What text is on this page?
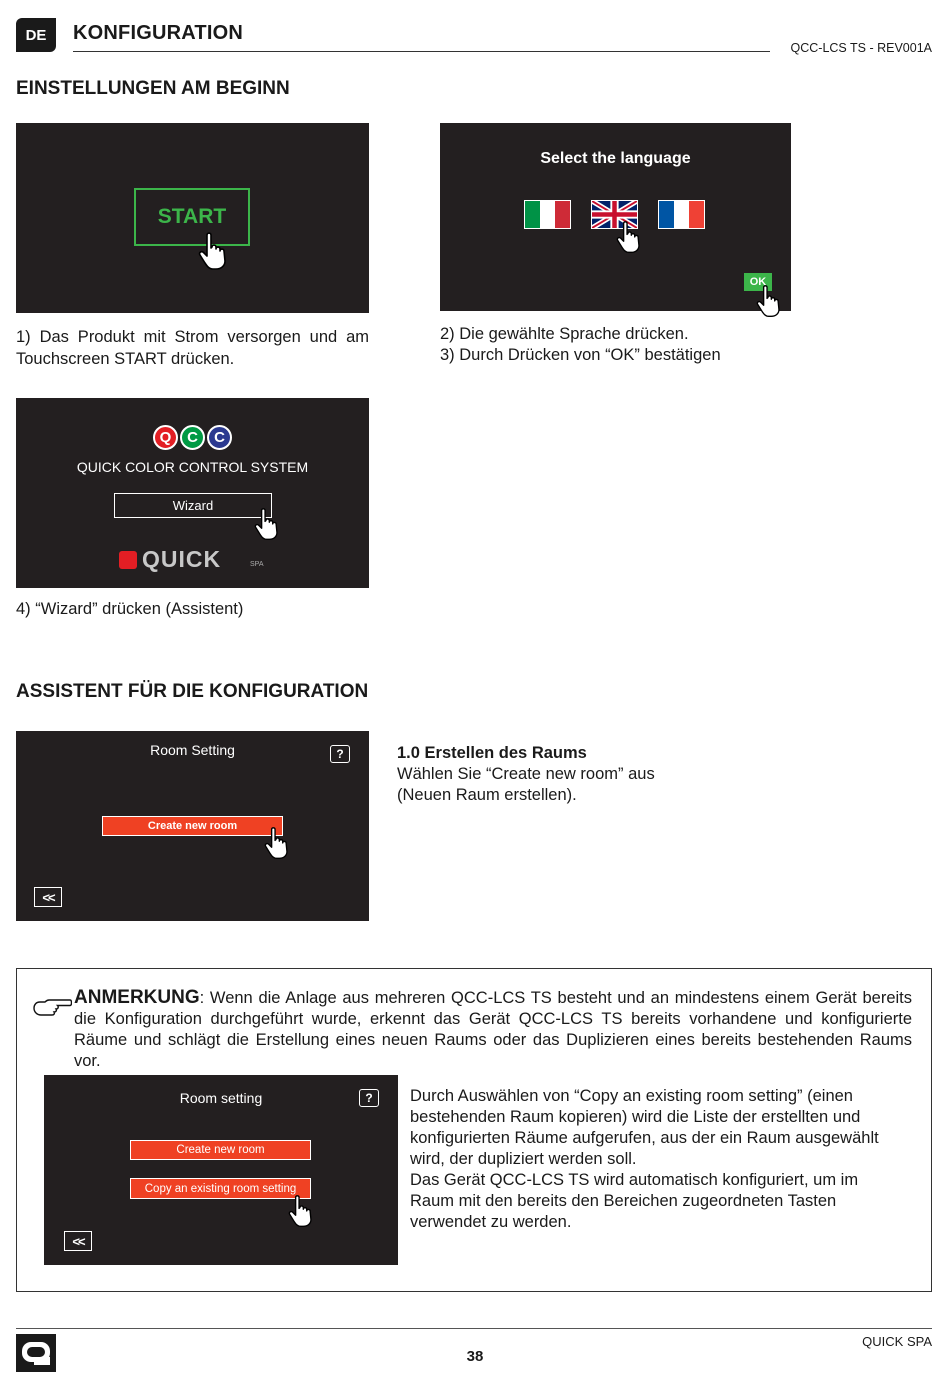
DE	KONFIGURATION
QCC-LCS TS - REV001A
EINSTELLUNGEN AM BEGINN
START
1) Das Produkt mit Strom versorgen und am Touchscreen START drücken.
Select the language
OK
2) Die gewählte Sprache drücken.
3) Durch Drücken von “OK” bestätigen
Q	C	C
QUICK COLOR CONTROL SYSTEM
Wizard
QUICK	SPA
4) “Wizard” drücken (Assistent)
ASSISTENT FÜR DIE KONFIGURATION
Room Setting	?
Create new room
<<
1.0 Erstellen des Raums
Wählen Sie “Create new room” aus
(Neuen Raum erstellen).
ANMERKUNG: Wenn die Anlage aus mehreren QCC-LCS TS besteht und an mindestens einem Gerät bereits die Konfiguration durchgeführt wurde, erkennt das Gerät QCC-LCS TS bereits vorhandene und konfigurierte Räume und schlägt die Erstellung eines neuen Raums oder das Duplizieren eines bereits bestehenden Raums vor.
Room setting	?
Create new room
Copy an existing room setting
<<
Durch Auswählen von “Copy an existing room setting” (einen
bestehenden Raum kopieren) wird die Liste der erstellten und
konfigurierten Räume aufgerufen, aus der ein Raum ausgewählt
wird, der dupliziert werden soll.
Das Gerät QCC-LCS TS wird automatisch konfiguriert, um im
Raum mit den bereits den Bereichen zugeordneten Tasten
verwendet zu werden.
38
QUICK SPA
